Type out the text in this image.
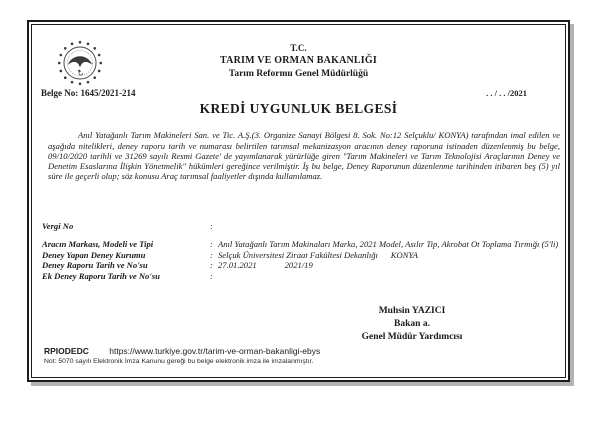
T.C.
TARIM VE ORMAN BAKANLIĞI
Tarım Reformu Genel Müdürlüğü
Belge No: 1645/2021-214	. . / . . /2021
KREDİ UYGUNLUK BELGESİ
Anıl Yatağanlı Tarım Makineleri San. ve Tic. A.Ş.(3. Organize Sanayi Bölgesi 8. Sok. No:12 Selçuklu/ KONYA) tarafından imal edilen ve aşağıda nitelikleri, deney raporu tarih ve numarası belirtilen tarımsal mekanizasyon aracının deney raporuna istinaden düzenlenmiş bu belge, 09/10/2020 tarihli ve 31269 sayılı Resmi Gazete' de yayımlanarak yürürlüğe giren "Tarım Makineleri ve Tarım Teknolojisi Araçlarının Deney ve Denetim Esaslarına İlişkin Yönetmelik" hükümleri gereğince verilmiştir. İş bu belge, Deney Raporunun düzenlenme tarihinden itibaren beş (5) yıl süre ile geçerli olup; söz konusu Araç tarımsal faaliyetler dışında kullanılamaz.
Vergi No	:
Aracın Markası, Modeli ve Tipi	: Anıl Yatağanlı Tarım Makinaları Marka, 2021 Model, Asılır Tip, Akrobat Ot Toplama Tırmığı (5'li)
Deney Yapan Deney Kurumu	: Selçuk Üniversitesi Ziraat Fakültesi Dekanlığı      KONYA
Deney Raporu Tarih ve No'su	: 27.01.2021             2021/19
Ek Deney Raporu Tarih ve No'su	:
Muhsin YAZICI
Bakan a.
Genel Müdür Yardımcısı
RPIODEDC https://www.turkiye.gov.tr/tarim-ve-orman-bakanligi-ebys
Not: 5070 sayılı Elektronik İmza Kanunu gereği bu belge elektronik imza ile imzalanmıştır.
